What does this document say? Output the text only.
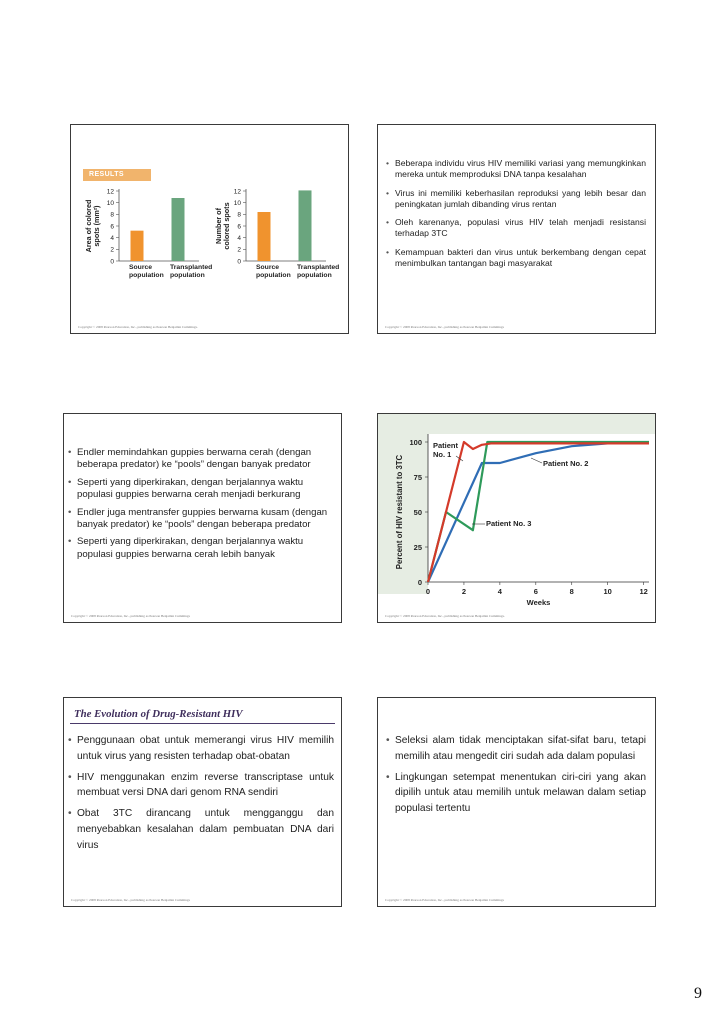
RESULTS
0
2
4
6
8
10
12
Source
population
Transplanted
population
Area of coloredspots (mm²)
0
2
4
6
8
10
12
Source
population
Transplanted
population
Number ofcolored spots
Copyright © 2008 Pearson Education, Inc., publishing as Pearson Benjamin Cummings.
• Beberapa individu virus HIV memiliki variasi yang memungkinkan mereka untuk memproduksi DNA tanpa kesalahan
• Virus ini memiliki keberhasilan reproduksi yang lebih besar dan peningkatan jumlah dibanding virus rentan
• Oleh karenanya, populasi virus HIV telah menjadi resistansi terhadap 3TC
• Kemampuan bakteri dan virus untuk berkembang dengan cepat menimbulkan tantangan bagi masyarakat
Copyright © 2008 Pearson Education, Inc., publishing as Pearson Benjamin Cummings
• Endler memindahkan guppies berwarna cerah (dengan beberapa predator) ke “pools” dengan banyak predator
• Seperti yang diperkirakan, dengan berjalannya waktu populasi guppies berwarna cerah menjadi berkurang
• Endler juga mentransfer guppies berwarna kusam (dengan banyak predator) ke “pools” dengan beberapa predator
• Seperti yang diperkirakan, dengan berjalannya waktu populasi guppies berwarna cerah lebih banyak
Copyright © 2008 Pearson Education, Inc., publishing as Pearson Benjamin Cummings
0
25
50
75
100
0	2	4	6	8	10	12
Weeks
Percent of HIV resistant to 3TC
Patient
No. 1
Patient No. 2
Patient No. 3
Copyright © 2008 Pearson Education, Inc., publishing as Pearson Benjamin Cummings.
The Evolution of Drug-Resistant HIV
• Penggunaan obat untuk memerangi virus HIV memilih untuk virus yang resisten terhadap obat-obatan
• HIV menggunakan enzim reverse transcriptase untuk membuat versi DNA dari genom RNA sendiri
• Obat 3TC dirancang untuk mengganggu dan menyebabkan kesalahan dalam pembuatan DNA dari virus
Copyright © 2008 Pearson Education, Inc., publishing as Pearson Benjamin Cummings
• Seleksi alam tidak menciptakan sifat-sifat baru, tetapi memilih atau mengedit ciri sudah ada dalam populasi
• Lingkungan setempat menentukan ciri-ciri yang akan dipilih untuk atau memilih untuk melawan dalam setiap populasi tertentu
Copyright © 2008 Pearson Education, Inc., publishing as Pearson Benjamin Cummings
9
